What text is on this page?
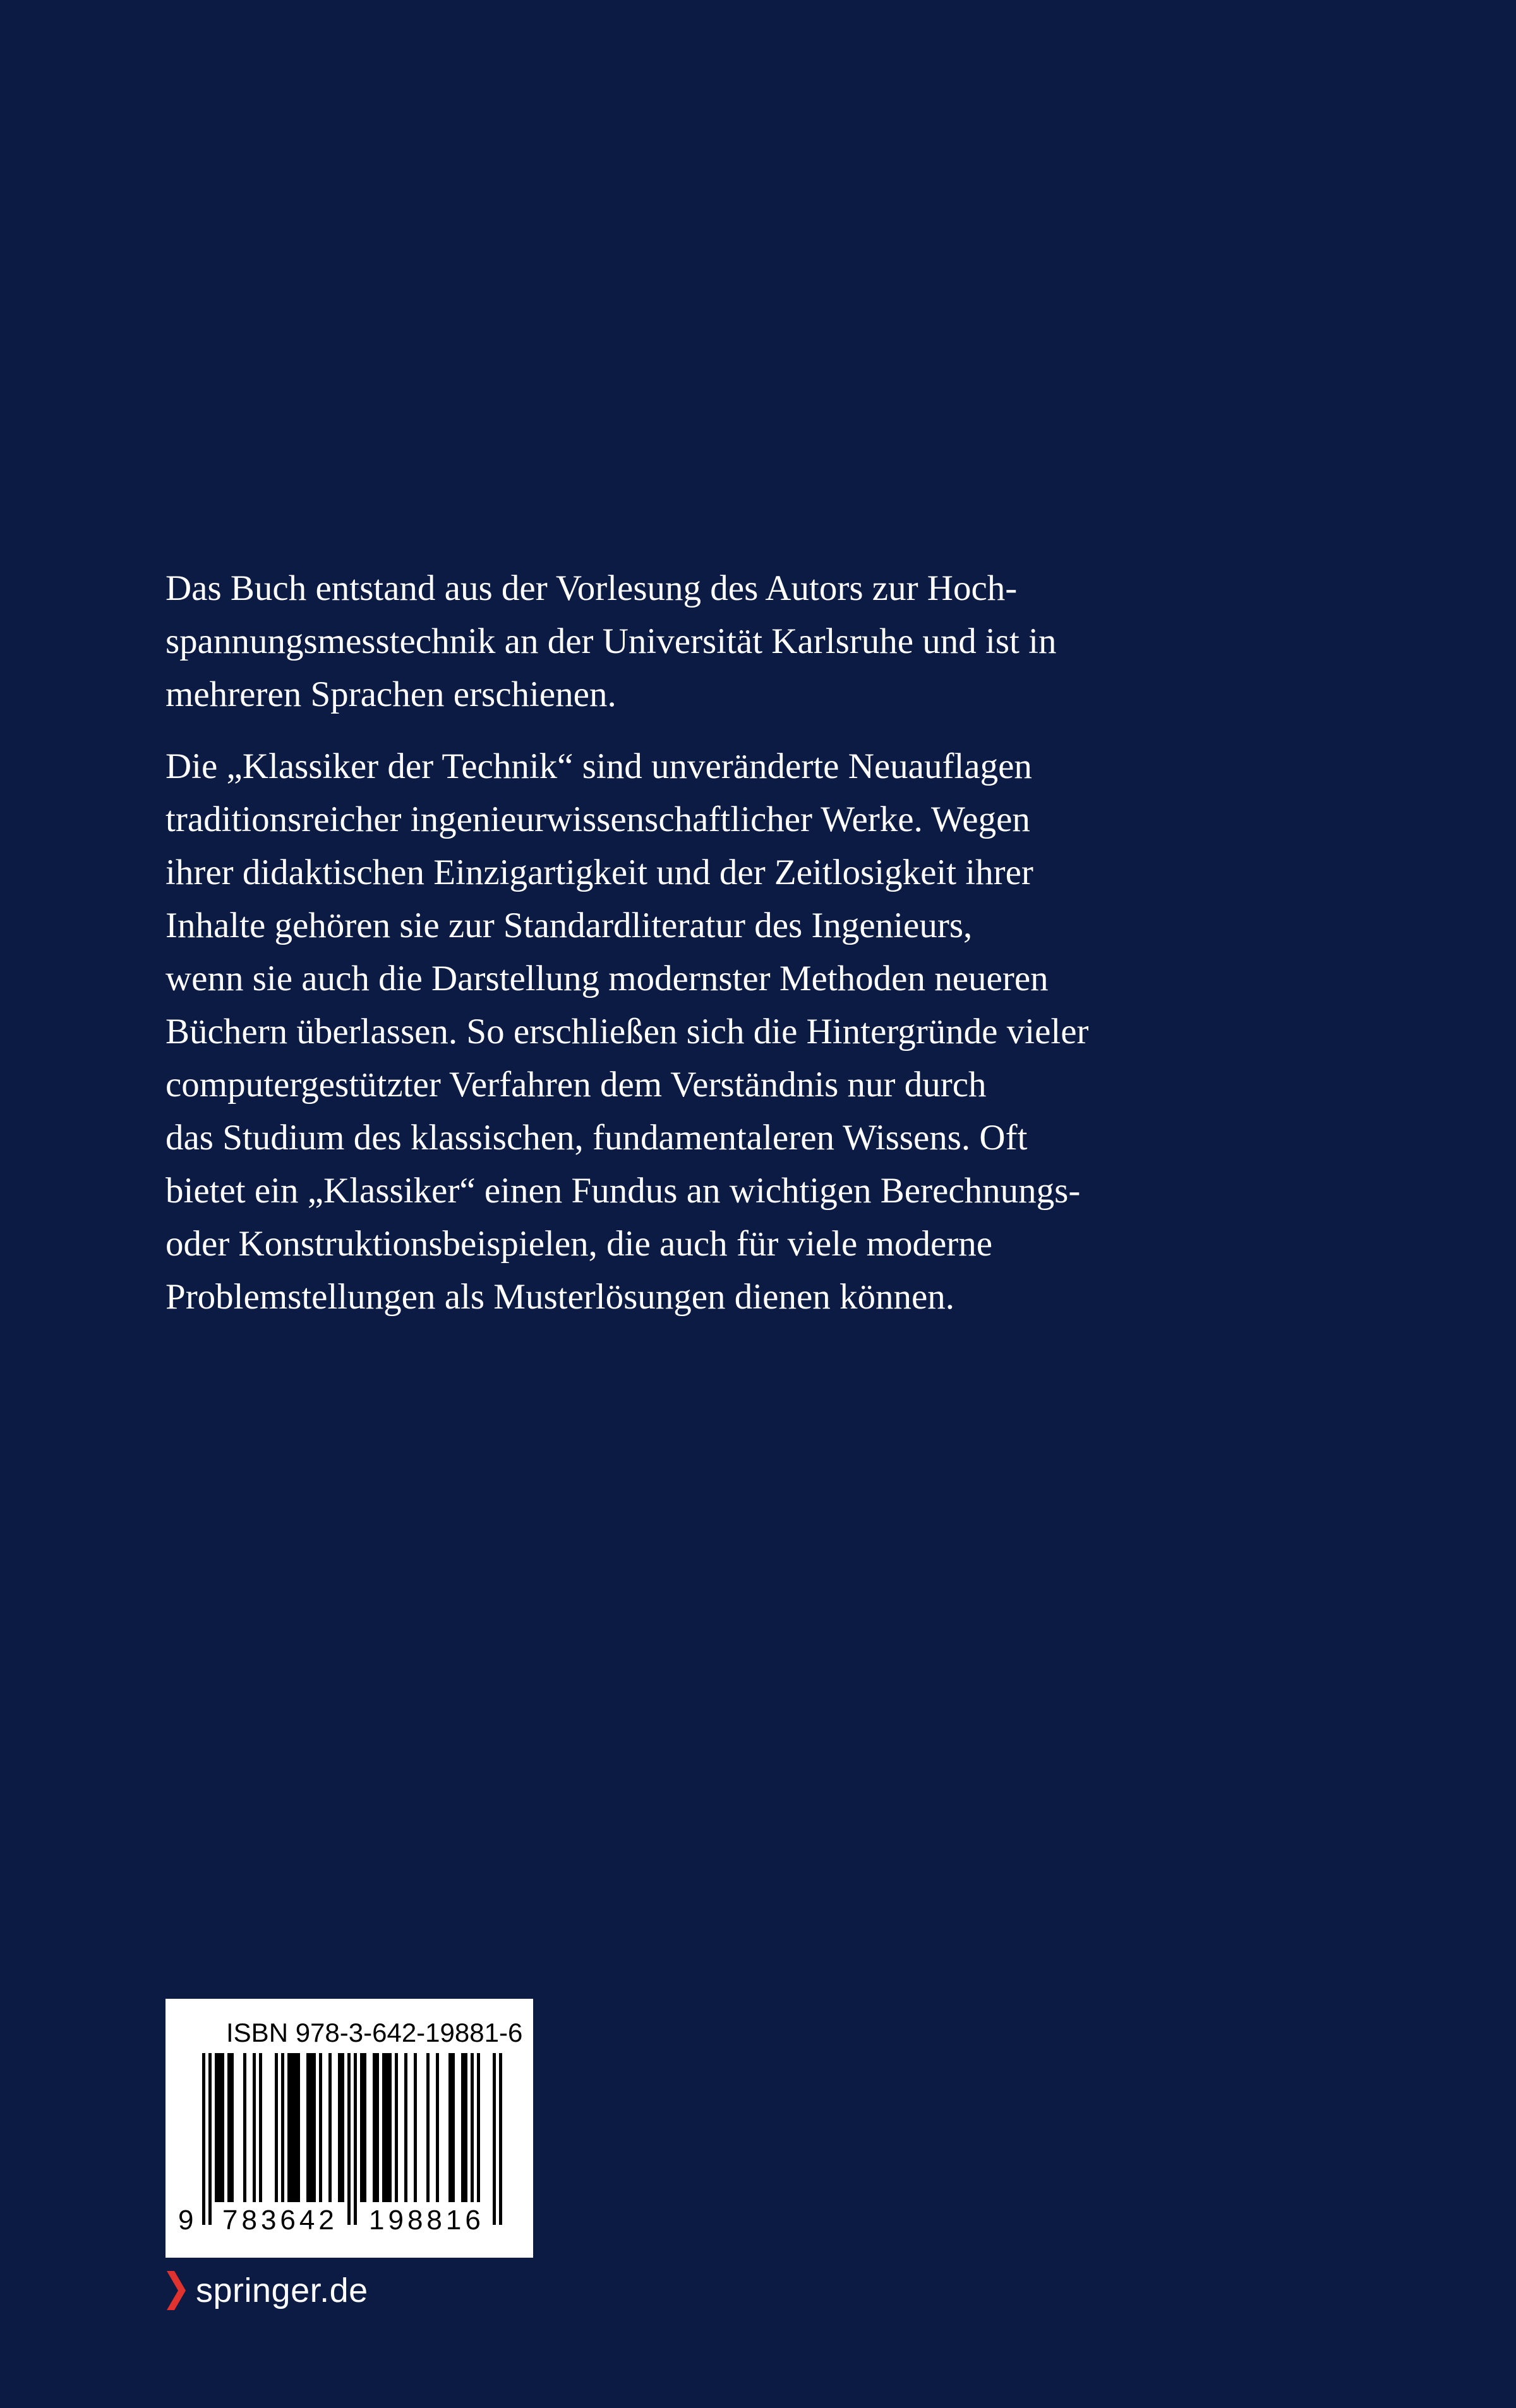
Das Buch entstand aus der Vorlesung des Autors zur Hoch-
spannungsmesstechnik an der Universität Karlsruhe und ist in
mehreren Sprachen erschienen.

Die „Klassiker der Technik“ sind unveränderte Neuauflagen
traditionsreicher ingenieurwissenschaftlicher Werke. Wegen
ihrer didaktischen Einzigartigkeit und der Zeitlosigkeit ihrer
Inhalte gehören sie zur Standardliteratur des Ingenieurs,
wenn sie auch die Darstellung modernster Methoden neueren
Büchern überlassen. So erschließen sich die Hintergründe vieler
computergestützter Verfahren dem Verständnis nur durch
das Studium des klassischen, fundamentaleren Wissens. Oft
bietet ein „Klassiker“ einen Fundus an wichtigen Berechnungs-
oder Konstruktionsbeispielen, die auch für viele moderne
Problemstellungen als Musterlösungen dienen können.

ISBN 978-3-642-19881-6
9 783642 198816
springer.de
